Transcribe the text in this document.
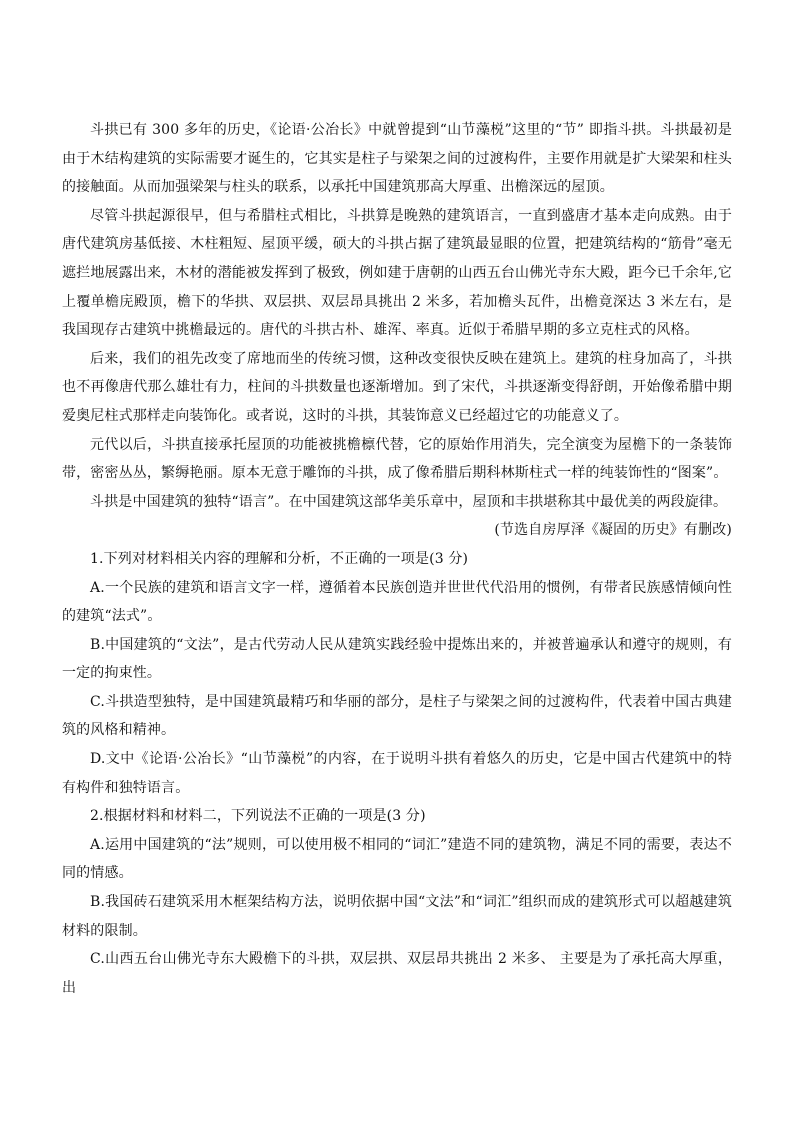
斗拱已有 300 多年的历史，《论语·公冶长》中就曾提到“山节藻棁”这里的“节” 即指斗拱。斗拱最初是由于木结构建筑的实际需要才诞生的，它其实是柱子与梁架之间的过渡构件，主要作用就是扩大梁架和柱头的接触面。从而加强梁架与柱头的联系，以承托中国建筑那高大厚重、出檐深远的屋顶。

尽管斗拱起源很早，但与希腊柱式相比，斗拱算是晚熟的建筑语言，一直到盛唐才基本走向成熟。由于唐代建筑房基低接、木柱粗短、屋顶平缓，硕大的斗拱占据了建筑最显眼的位置，把建筑结构的“筋骨”毫无遮拦地展露出来，木材的潜能被发挥到了极致，例如建于唐朝的山西五台山佛光寺东大殿，距今已千余年,它上覆单檐庑殿顶，檐下的华拱、双层拱、双层昂具挑出 2 米多，若加檐头瓦件，出檐竟深达 3 米左右，是我国现存古建筑中挑檐最远的。唐代的斗拱古朴、雄浑、率真。近似于希腊早期的多立克柱式的风格。

后来，我们的祖先改变了席地而坐的传统习惯，这种改变很快反映在建筑上。建筑的柱身加高了，斗拱也不再像唐代那么雄壮有力，柱间的斗拱数量也逐渐增加。到了宋代，斗拱逐渐变得舒朗，开始像希腊中期爱奥尼柱式那样走向装饰化。或者说，这时的斗拱，其装饰意义已经超过它的功能意义了。

元代以后，斗拱直接承托屋顶的功能被挑檐檩代替，它的原始作用消失，完全演变为屋檐下的一条装饰带，密密丛丛，繁缛艳丽。原本无意于雕饰的斗拱，成了像希腊后期科林斯柱式一样的纯装饰性的“图案”。

斗拱是中国建筑的独特“语言”。在中国建筑这部华美乐章中，屋顶和丰拱堪称其中最优美的两段旋律。

(节选自房厚泽《凝固的历史》有删改)

1.下列对材料相关内容的理解和分析，不正确的一项是(3 分)

A.一个民族的建筑和语言文字一样，遵循着本民族创造并世世代代沿用的惯例，有带者民族感情倾向性的建筑“法式”。

B.中国建筑的“文法”，是古代劳动人民从建筑实践经验中提炼出来的，并被普遍承认和遵守的规则，有一定的拘束性。

C.斗拱造型独特，是中国建筑最精巧和华丽的部分，是柱子与梁架之间的过渡构件，代表着中国古典建筑的风格和精神。

D.文中《论语·公冶长》“山节藻棁”的内容，在于说明斗拱有着悠久的历史，它是中国古代建筑中的特有构件和独特语言。

2.根据材料和材料二，下列说法不正确的一项是(3 分)

A.运用中国建筑的“法”规则，可以使用极不相同的“词汇”建造不同的建筑物，满足不同的需要，表达不同的情感。

B.我国砖石建筑采用木框架结构方法，说明依据中国“文法”和“词汇”组织而成的建筑形式可以超越建筑材料的限制。

C.山西五台山佛光寺东大殿檐下的斗拱，双层拱、双层昂共挑出 2 米多、 主要是为了承托高大厚重，出
